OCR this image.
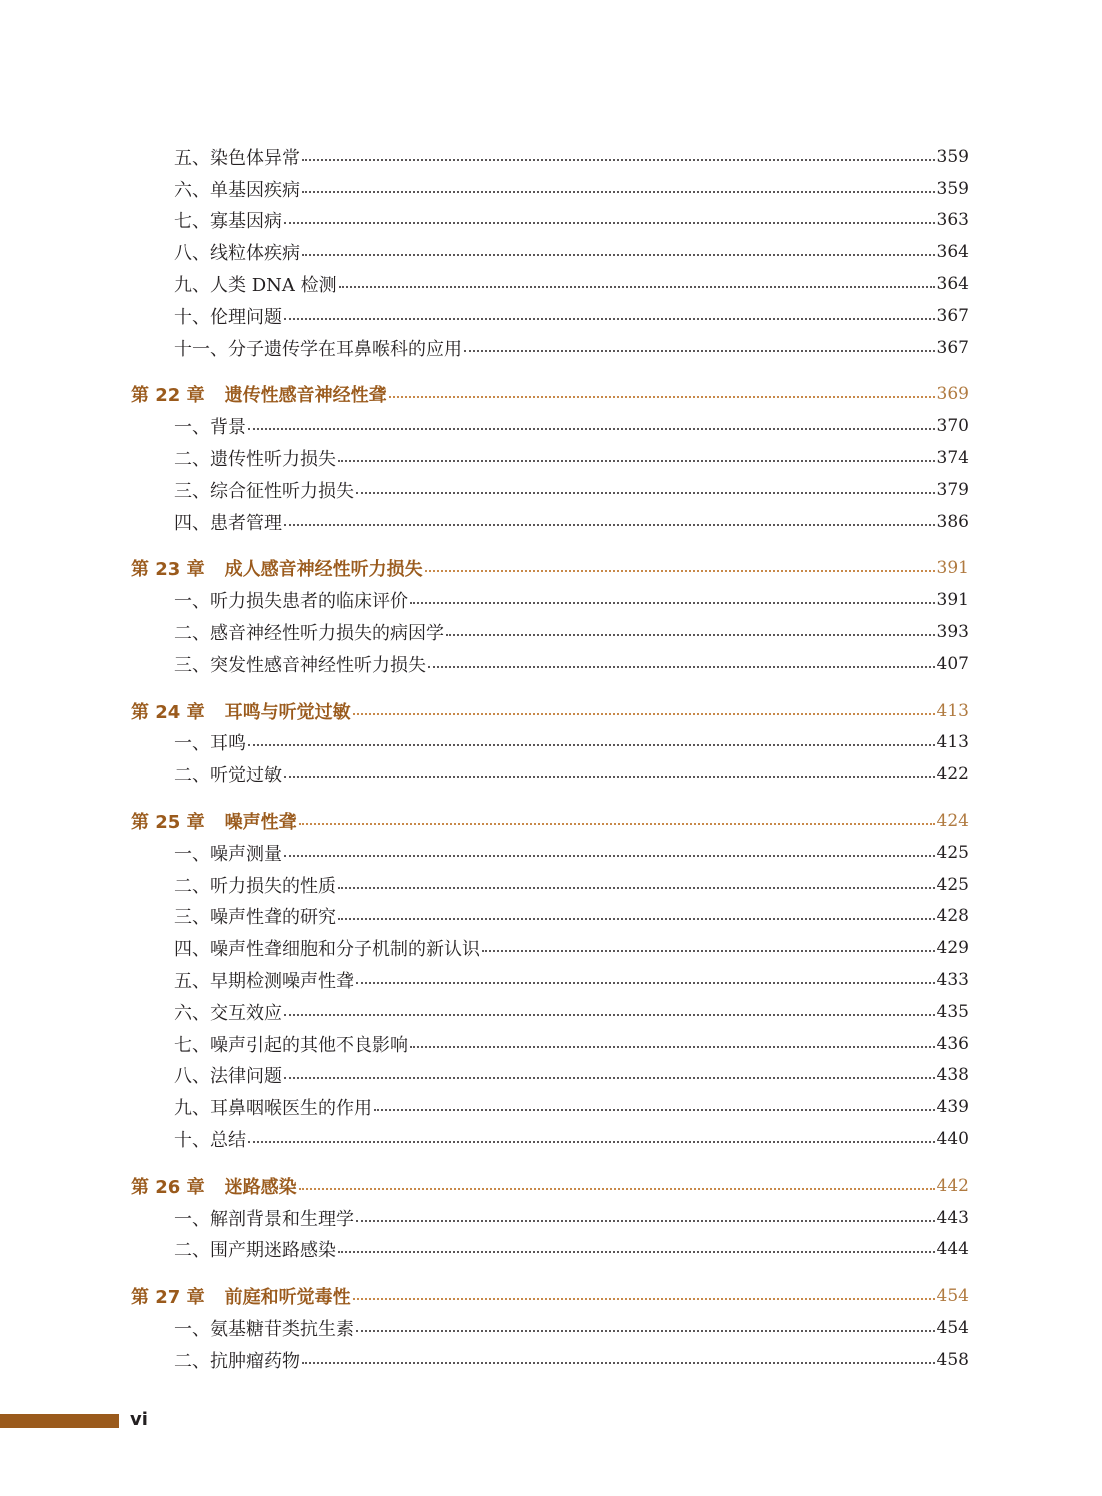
五、染色体异常	359
六、单基因疾病	359
七、寡基因病	363
八、线粒体疾病	364
九、人类 DNA 检测	364
十、伦理问题	367
十一、分子遗传学在耳鼻喉科的应用	367
第 22 章 遗传性感音神经性聋	369
一、背景	370
二、遗传性听力损失	374
三、综合征性听力损失	379
四、患者管理	386
第 23 章 成人感音神经性听力损失	391
一、听力损失患者的临床评价	391
二、感音神经性听力损失的病因学	393
三、突发性感音神经性听力损失	407
第 24 章 耳鸣与听觉过敏	413
一、耳鸣	413
二、听觉过敏	422
第 25 章 噪声性聋	424
一、噪声测量	425
二、听力损失的性质	425
三、噪声性聋的研究	428
四、噪声性聋细胞和分子机制的新认识	429
五、早期检测噪声性聋	433
六、交互效应	435
七、噪声引起的其他不良影响	436
八、法律问题	438
九、耳鼻咽喉医生的作用	439
十、总结	440
第 26 章 迷路感染	442
一、解剖背景和生理学	443
二、围产期迷路感染	444
第 27 章 前庭和听觉毒性	454
一、氨基糖苷类抗生素	454
二、抗肿瘤药物	458
vi
